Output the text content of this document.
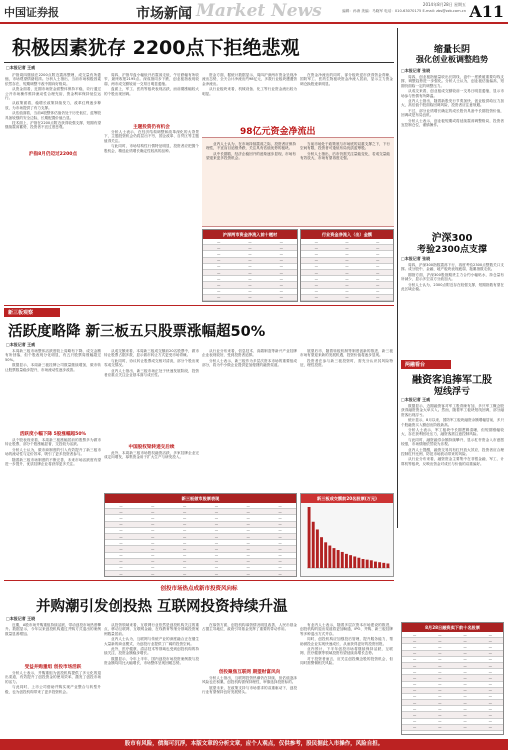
中国证券报	市场新闻 Market News	2014年8月28日 星期五
编辑：孙涛 美编：马晓军 电话：010-63070175 E-mail: zbs@zzb.com.cn A11
积极因素犹存 2200点下拒绝悲观
□本报记者 王威

沪指周四继续在2200点附近震荡整理，成交量有所萎缩，市场观望情绪较浓。分析人士指出，当前市场积极因素依然存在，短期调整不改中期向好格局。

从资金面看，近期市场资金面整体保持平稳，央行通过公开市场操作维持流动性合理充裕，资金利率保持低位运行。

从政策面看，稳增长政策持续发力，改革红利逐步释放，为市场提供了有力支撑。

从估值面看，当前A股整体估值仍处于历史低位，蓝筹股具备较强的安全边际，长期配置价值凸显。

技术面上，沪指在2200点附近获得较强支撑，短期有望继续震荡蓄势，投资者不宜过度悲观。

沪指8月仍迈过2200点

周四，沪指早盘小幅低开后震荡走低，午后跌幅有所收窄，最终收报2195点。深成指同步下跌，创业板指表现较弱，两市成交额较前一交易日明显萎缩。

盘面上，军工、医药等板块表现活跃，而前期涨幅较大的个股出现回调。

主题投资仍有机会

分析人士表示，在经济结构调整和改革深化的大背景下，主题投资机会仍将层出不穷，国企改革、自贸区等主题值得关注。

与此同时，市场结构性行情特征明显，投资者应把握个股机会，精选业绩增长确定性较高的品种。

资金方面，据统计数据显示，周四沪深两市资金呈现净流出态势，全天合计净流出约98亿元，多数行业板块遭遇资金净流出。

从行业板块来看，机械设备、化工等行业资金流出较为明显。

在资金净流出的同时，部分板块逆市获得资金青睐，国防军工、医药生物板块资金净流入居前，显示主力资金调仓换股迹象明显。

98亿元资金净流出

业内人士认为，在市场持续震荡之际，投资者应保持理性，不宜盲目追涨杀跌，关注具有估值优势的板块。

从中长期看，经济企稳回升的迹象逐步显现，市场有望迎来更多投资机会。

当前市场处于政策底与市场底的双重支撑之下，下行空间有限，投资者可逢低布局优质蓝筹股。

分析人士指出，后市仍需关注量能变化，若成交量能有效放大，市场有望再度走强。

沪深两市资金净流入前十题材
—	—	—
—	—	—
—	—	—
—	—	—
—	—	—
—	—	—
—	—	—
—	—	—
—	—	—
—	—	—

行业资金净流入（出）金额
—	—	—
—	—	—
—	—	—
—	—	—
—	—	—
—	—	—
—	—	—
—	—	—
—	—	—
—	—	—

缩量长阴
强化创业板调整趋势
□本报记者 张晓

周四，创业板指缩量收出长阴线，盘中一度跌破重要均线支撑，调整趋势进一步强化。分析人士认为，创业板估值偏高，短期仍面临一定的调整压力。

从成交来看，创业板成交额较前一交易日明显萎缩，显示市场参与热情有所降温。

业内人士指出，随着新股发行节奏加快，创业板供给压力加大，高估值个股面临回调风险，投资者应注意规避。

不过，部分业绩增长确定的成长股仍具备中长期投资价值，回调或是布局良机。

分析人士表示，创业板短期或将延续震荡调整格局，投资者宜控制仓位，谨慎操作。

沪深300
考验2300点支撑
□本报记者 张晓

周四，沪深300指数震荡下行，再度考验2300点整数关口支撑。成分股中，金融、地产板块表现疲弱，拖累指数走低。

期指方面，沪深300股指期货主力合约小幅贴水，持仓量有所减少，显示多空双方分歧加大。

分析人士认为，2300点附近存在较强支撑，短期指数有望在此区域企稳。

两融看台
融资客追捧军工股
短线浮亏
□本报记者 王威

数据显示，近期融资客对军工股青睐有加，多只军工概念股获得融资资金大举买入。然而，随着军工板块短线回调，部分融资客出现浮亏。

统计显示，8月以来，国防军工板块融资余额增幅居前，多只个股融资买入额创出阶段新高。

分析人士表示，军工板块中长期逻辑清晰，但短期涨幅较大，存在获利回吐压力，融资客需注意控制风险。

与此同时，融资融券余额持续攀升，显示杠杆资金入市意愿较强，市场情绪依然较为乐观。

业内人士提醒，融资交易具有杠杆放大效应，投资者应合理控制杠杆比例，防范市场波动带来的风险。

从行业分布来看，融资资金主要集中在非银金融、军工、计算机等板块，反映出资金对成长与价值的双重偏好。

8月28日融资卖下前十名股票
—	—	—	—
—	—	—	—
—	—	—	—
—	—	—	—
—	—	—	—
—	—	—	—
—	—	—	—
—	—	—	—
—	—	—	—
—	—	—	—
—	—	—	—
—	—	—	—
—	—	—	—
—	—	—	—
—	—	—	—
—	—	—	—
—	—	—	—

新三板观察
活跃度略降 新三板五只股票涨幅超50%
□本报记者 王威

本周新三板市场整体活跃度较上周略有下降，成交金额有所回落，但个股表现分化明显，有五只股票周涨幅超过50%。

数据显示，本周新三板挂牌公司数量继续增加，做市转让股票数量稳步提升，市场流动性逐步改善。

活跃度小幅下降 5股涨幅超50%

从个股表现来看，本周新三板涨幅居前的股票多为做市转让股票，部分个股涨幅显著，交投较为活跃。

分析人士认为，做市商制度的引入有效提升了新三板市场的流动性与定价效率，吸引了更多投资者参与。

随着新三板市场制度的不断完善，未来市场活跃度有望进一步提升，优质挂牌企业将获得更多关注。

从成交额来看，本周新三板成交额前20名股票中，做市转让股票占据多数，显示做市转让方式更受市场青睐。

与此同时，协议转让股票成交相对清淡，部分个股出现零成交情况。

业内人士指出，新三板市场正处于快速发展阶段，投资者应重点关注企业基本面与成长性。

中国股权梁转递交后续

此外，本周新三板市场股权融资活跃，多家挂牌企业完成定向增发，募集资金用于扩大生产与研发投入。

从行业分布来看，信息技术、高端制造等新兴产业挂牌企业表现较好，受到投资者追捧。

分析人士表示，新三板作为多层次资本市场的重要组成部分，将为中小微企业提供更加便捷的融资渠道。

展望后市，随着转板机制等制度创新的推进，新三板市场有望迎来新的发展机遇，投资价值将逐步显现。

投资者在参与新三板投资时，需充分认识其风险特征，理性投资。

新三板做市股票表现
—	—	—	—	—	—
—	—	—	—	—	—
—	—	—	—	—	—
—	—	—	—	—	—
—	—	—	—	—	—
—	—	—	—	—	—
—	—	—	—	—	—
—	—	—	—	—	—
—	—	—	—	—	—
—	—	—	—	—	—
—	—	—	—	—	—
—	—	—	—	—	—

新三板成交额前20名股票(万元)
创投市场热点成新市投资风向标
并购潮引发创投热 互联网投资持续升温
□本报记者 王晓

近期，A股市场并购重组持续活跃，带动创投市场热度攀升。数据显示，今年以来创投机构通过并购方式退出的案例数量显著增加。

受益并购重组 创投市场活跃

分析人士表示，并购重组为创投机构提供了多元化的退出渠道，有效提升了创投资金的使用效率，激发了创投市场的活力。

与此同时，上市公司借助并购实现产业整合与转型升级，也为创投机构带来了更多投资机会。

从投资领域来看，互联网行业依然是创投机构关注的重点，移动互联网、互联网金融、在线教育等细分领域投资案例数量居前。

业内人士认为，互联网与传统产业的深度融合正在催生大量新的商业模式，为创投行业提供了广阔的投资空间。

此外，医疗健康、清洁技术等领域也受到创投机构的持续关注，投资金额稳步增长。

数据显示，今年上半年，国内创投市场投资案例数与投资金额均同比大幅增长，市场整体呈现回暖态势。

在募资方面，创投机构募资情况明显改善，人民币基金占据主导地位，政府引导基金发挥了重要的带动作用。

创投聚焦互联网 期望财富风向

分析人士指出，互联网投资热潮仍在持续，但估值泡沫风险也在积累，创投机构需保持理性，审慎选择投资标的。

展望未来，在政策支持与市场需求的双重驱动下，创投行业有望保持良好发展势头。

有业内人士表示，随着多层次资本市场建设的推进，创投机构的退出渠道将更加畅通，IPO、并购、新三板挂牌等多种退出方式并存。

同时，创投机构应加强投后管理，提升服务能力，帮助被投企业实现快速成长，从而获得更好的投资回报。

业内预计，下半年创投市场将继续保持活跃，互联网、医疗健康等领域投资有望延续高增长态势。

对于投资者而言，应关注创投概念股的投资机会，但同时需警惕相关风险。

股市有风险，债海可沉浮，本版文章的分析文章，应个人观点，仅供参考，股民据此入市操作，风险自担。
